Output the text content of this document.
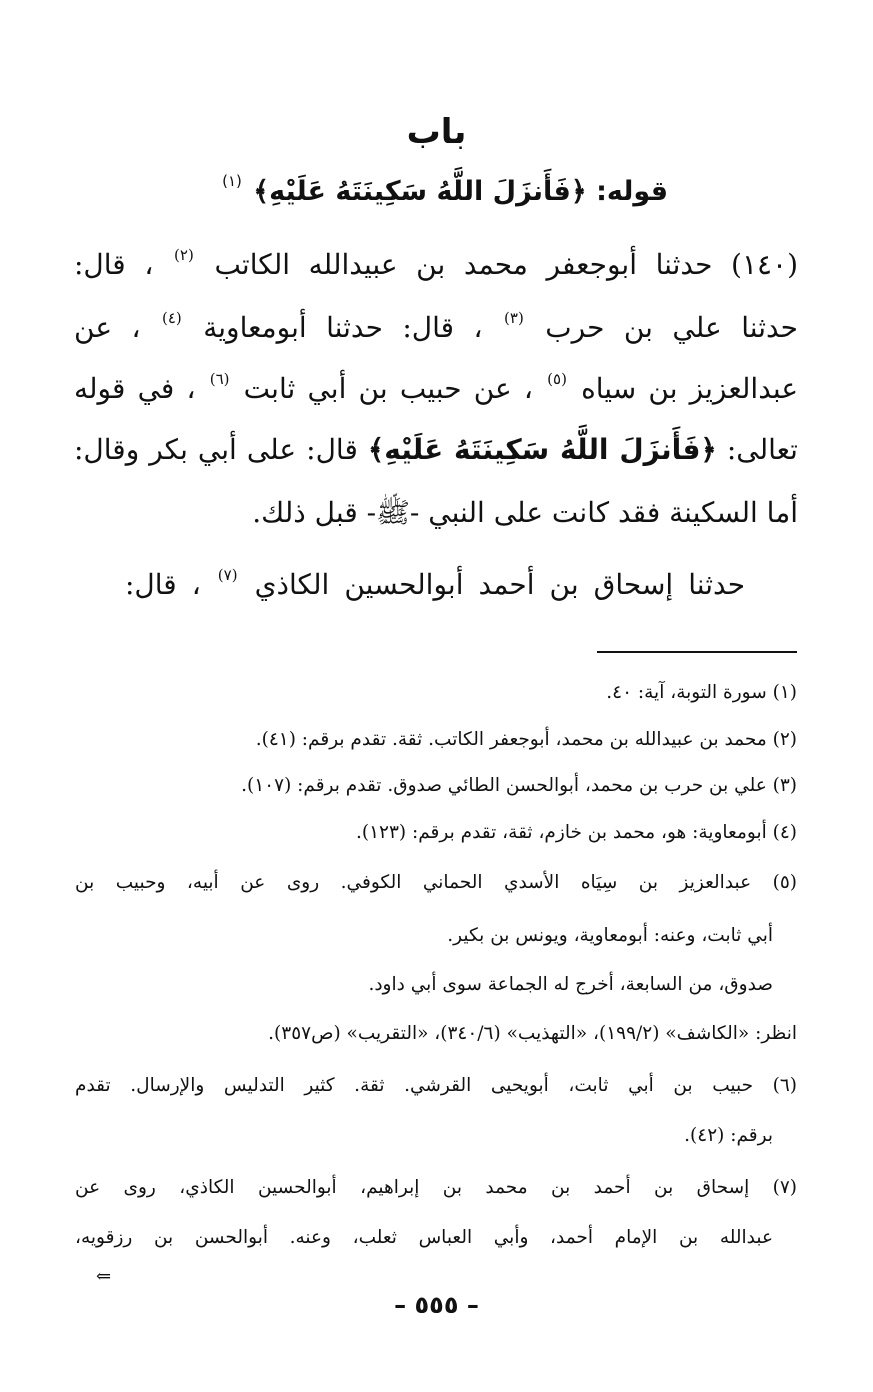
باب
قوله: ﴿فَأَنزَلَ اللَّهُ سَكِينَتَهُ عَلَيْهِ﴾ $^{(١)}$
(١٤٠) حدثنا أبوجعفر محمد بن عبيدالله الكاتب $^{(٢)}$ ، قال:
حدثنا علي بن حرب $^{(٣)}$ ، قال: حدثنا أبومعاوية $^{(٤)}$ ، عن
عبدالعزيز بن سياه $^{(٥)}$ ، عن حبيب بن أبي ثابت $^{(٦)}$ ، في قوله
تعالى: ﴿فَأَنزَلَ اللَّهُ سَكِينَتَهُ عَلَيْهِ﴾ قال: على أبي بكر وقال:
أما السكينة فقد كانت على النبي -ﷺ- قبل ذلك.
حدثنا إسحاق بن أحمد أبوالحسين الكاذي $^{(٧)}$ ، قال:
(١) سورة التوبة، آية: ٤٠.
(٢) محمد بن عبيدالله بن محمد، أبوجعفر الكاتب. ثقة. تقدم برقم: (٤١).
(٣) علي بن حرب بن محمد، أبوالحسن الطائي صدوق. تقدم برقم: (١٠٧).
(٤) أبومعاوية: هو، محمد بن خازم، ثقة، تقدم برقم: (١٢٣).
(٥) عبدالعزيز بن سِيَاه الأسدي الحماني الكوفي. روى عن أبيه، وحبيب بن
أبي ثابت، وعنه: أبومعاوية، ويونس بن بكير.
صدوق، من السابعة، أخرج له الجماعة سوى أبي داود.
انظر: «الكاشف» (١٩٩/٢)، «التهذيب» (٣٤٠/٦)، «التقريب» (ص٣٥٧).
(٦) حبيب بن أبي ثابت، أبويحيى القرشي. ثقة. كثير التدليس والإرسال. تقدم
برقم: (٤٢).
(٧) إسحاق بن أحمد بن محمد بن إبراهيم، أبوالحسين الكاذي، روى عن
عبدالله بن الإمام أحمد، وأبي العباس ثعلب، وعنه. أبوالحسن بن رزقويه،
⇐
– ٥٥٥ –
